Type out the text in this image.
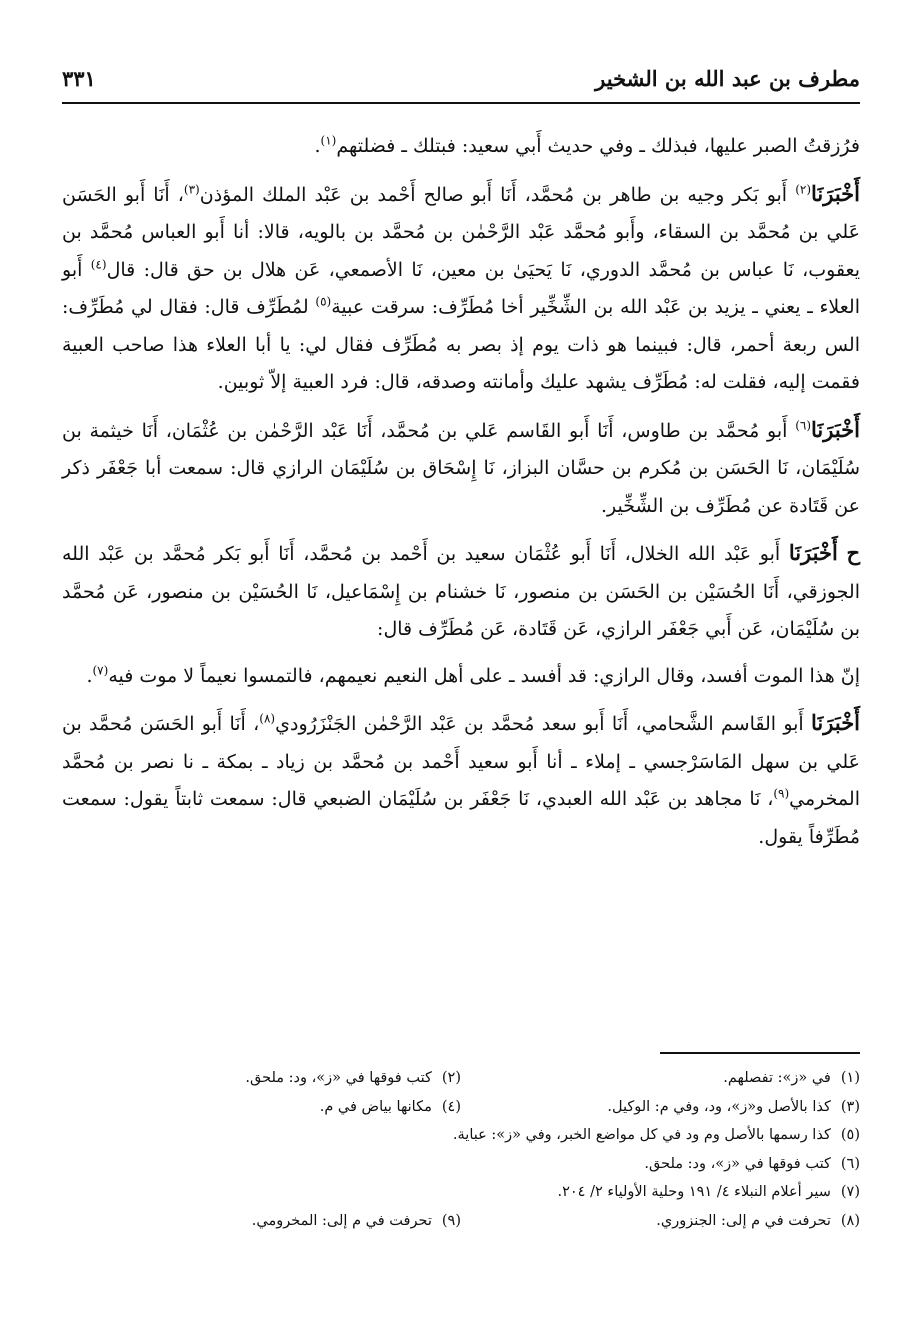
مطرف بن عبد الله بن الشخير
٣٣١

فرُزقتُ الصبر عليها، فبذلك ـ وفي حديث أَبي سعيد: فبتلك ـ فضلتهم$^{(١)}$.

أَخْبَرَنَا$^{(٢)}$ أَبو بَكر وجيه بن طاهر بن مُحمَّد، أَنَا أَبو صالح أَحْمد بن عَبْد الملك المؤذن$^{(٣)}$، أَنَا أَبو الحَسَن عَلي بن مُحمَّد بن السقاء، وأَبو مُحمَّد عَبْد الرَّحْمٰن بن مُحمَّد بن بالويه، قالا: أنا أَبو العباس مُحمَّد بن يعقوب، نَا عباس بن مُحمَّد الدوري، نَا يَحيَىٰ بن معين، نَا الأصمعي، عَن هلال بن حق قال: قال$^{(٤)}$ أَبو العلاء ـ يعني ـ يزيد بن عَبْد الله بن الشِّخِّير أخا مُطَرِّف: سرقت عبية$^{(٥)}$ لمُطَرِّف قال: فقال لي مُطَرِّف: الس ربعة أحمر، قال: فبينما هو ذات يوم إذ بصر به مُطَرِّف فقال لي: يا أبا العلاء هذا صاحب العبية فقمت إليه، فقلت له: مُطَرِّف يشهد عليك وأمانته وصدقه، قال: فرد العبية إلاّ ثوبين.

أَخْبَرَنَا$^{(٦)}$ أَبو مُحمَّد بن طاوس، أَنَا أَبو القَاسم عَلي بن مُحمَّد، أَنَا عَبْد الرَّحْمٰن بن عُثْمَان، أَنَا خيثمة بن سُلَيْمَان، نَا الحَسَن بن مُكرم بن حسَّان البزاز، نَا إِسْحَاق بن سُلَيْمَان الرازي قال: سمعت أبا جَعْفَر ذكر عن قَتَادة عن مُطَرِّف بن الشِّخِّير.

ح أَخْبَرَنَا أَبو عَبْد الله الخلال، أَنَا أَبو عُثْمَان سعيد بن أَحْمد بن مُحمَّد، أَنَا أَبو بَكر مُحمَّد بن عَبْد الله الجوزقي، أَنَا الحُسَيْن بن الحَسَن بن منصور، نَا خشنام بن إِسْمَاعيل، نَا الحُسَيْن بن منصور، عَن مُحمَّد بن سُلَيْمَان، عَن أَبي جَعْفَر الرازي، عَن قَتَادة، عَن مُطَرِّف قال:

إنّ هذا الموت أفسد، وقال الرازي: قد أفسد ـ على أهل النعيم نعيمهم، فالتمسوا نعيماً لا موت فيه$^{(٧)}$.

أَخْبَرَنَا أَبو القَاسم الشَّحامي، أَنَا أَبو سعد مُحمَّد بن عَبْد الرَّحْمٰن الجَنْزَرُودي$^{(٨)}$، أَنَا أَبو الحَسَن مُحمَّد بن عَلي بن سهل المَاسَرْجسي ـ إملاء ـ أنا أَبو سعيد أَحْمد بن مُحمَّد بن زياد ـ بمكة ـ نا نصر بن مُحمَّد المخرمي$^{(٩)}$، نَا مجاهد بن عَبْد الله العبدي، نَا جَعْفَر بن سُلَيْمَان الضبعي قال: سمعت ثابتاً يقول: سمعت مُطَرِّفاً يقول.

(١)في «ز»: تفصلهم.
(٢)كتب فوقها في «ز»، ود: ملحق.
(٣)كذا بالأصل و«ز»، ود، وفي م: الوكيل.
(٤)مكانها بياض في م.
(٥)كذا رسمها بالأصل وم ود في كل مواضع الخبر، وفي «ز»: عباية.
(٦)كتب فوقها في «ز»، ود: ملحق.
(٧)سير أعلام النبلاء ٤/ ١٩١ وحلية الأولياء ٢/ ٢٠٤.
(٨)تحرفت في م إلى: الجنزوري.
(٩)تحرفت في م إلى: المخرومي.
